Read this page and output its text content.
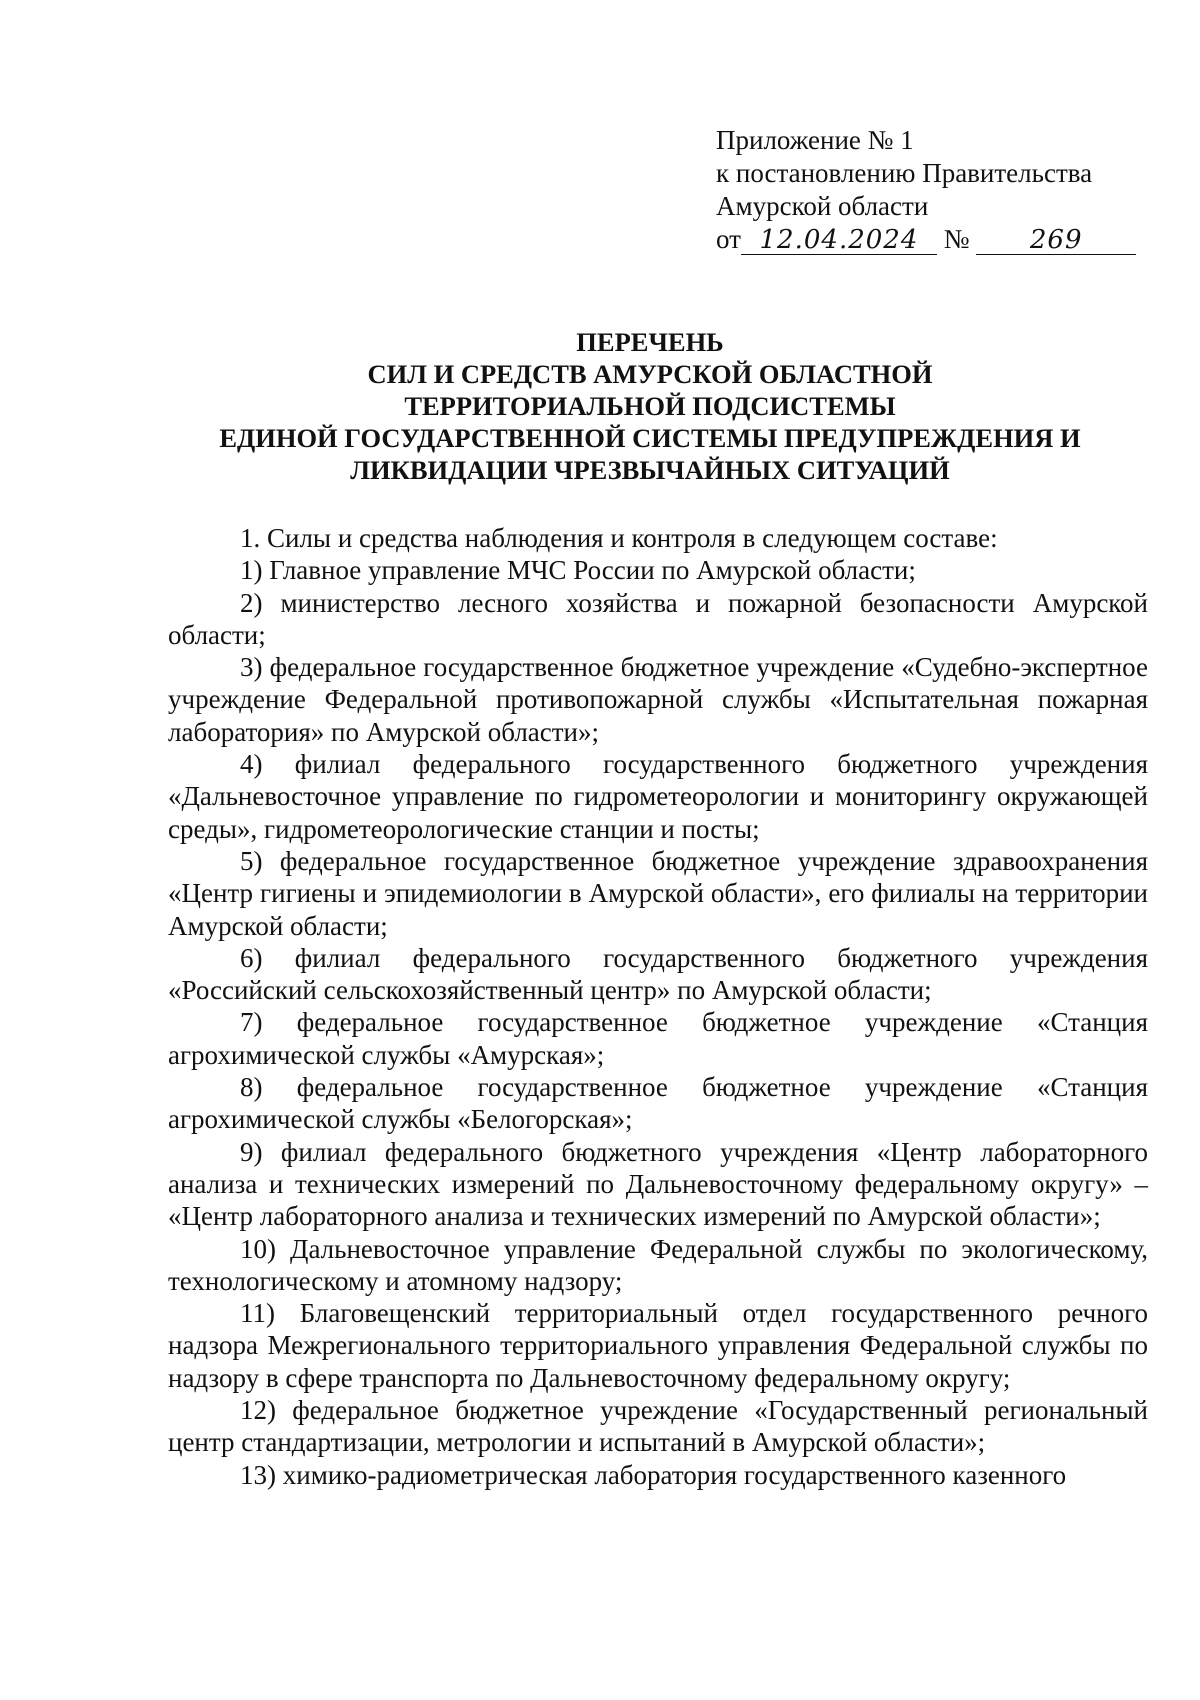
Приложение № 1
к постановлению Правительства
Амурской области
от 12.04.2024 № 269
ПЕРЕЧЕНЬ
СИЛ И СРЕДСТВ АМУРСКОЙ ОБЛАСТНОЙ
ТЕРРИТОРИАЛЬНОЙ ПОДСИСТЕМЫ
ЕДИНОЙ ГОСУДАРСТВЕННОЙ СИСТЕМЫ ПРЕДУПРЕЖДЕНИЯ И
ЛИКВИДАЦИИ ЧРЕЗВЫЧАЙНЫХ СИТУАЦИЙ

1. Силы и средства наблюдения и контроля в следующем составе:

1) Главное управление МЧС России по Амурской области;

2) министерство лесного хозяйства и пожарной безопасности Амурской области;

3) федеральное государственное бюджетное учреждение «Судебно-экспертное учреждение Федеральной противопожарной службы «Испытательная пожарная лаборатория» по Амурской области»;

4) филиал федерального государственного бюджетного учреждения «Дальневосточное управление по гидрометеорологии и мониторингу окружающей среды», гидрометеорологические станции и посты;

5) федеральное государственное бюджетное учреждение здравоохранения «Центр гигиены и эпидемиологии в Амурской области», его филиалы на территории Амурской области;

6) филиал федерального государственного бюджетного учреждения «Российский сельскохозяйственный центр» по Амурской области;

7) федеральное государственное бюджетное учреждение «Станция агрохимической службы «Амурская»;

8) федеральное государственное бюджетное учреждение «Станция агрохимической службы «Белогорская»;

9) филиал федерального бюджетного учреждения «Центр лабораторного анализа и технических измерений по Дальневосточному федеральному округу» – «Центр лабораторного анализа и технических измерений по Амурской области»;

10) Дальневосточное управление Федеральной службы по экологическому, технологическому и атомному надзору;

11) Благовещенский территориальный отдел государственного речного надзора Межрегионального территориального управления Федеральной службы по надзору в сфере транспорта по Дальневосточному федеральному округу;

12) федеральное бюджетное учреждение «Государственный региональный центр стандартизации, метрологии и испытаний в Амурской области»;

13) химико-радиометрическая лаборатория государственного казенного
